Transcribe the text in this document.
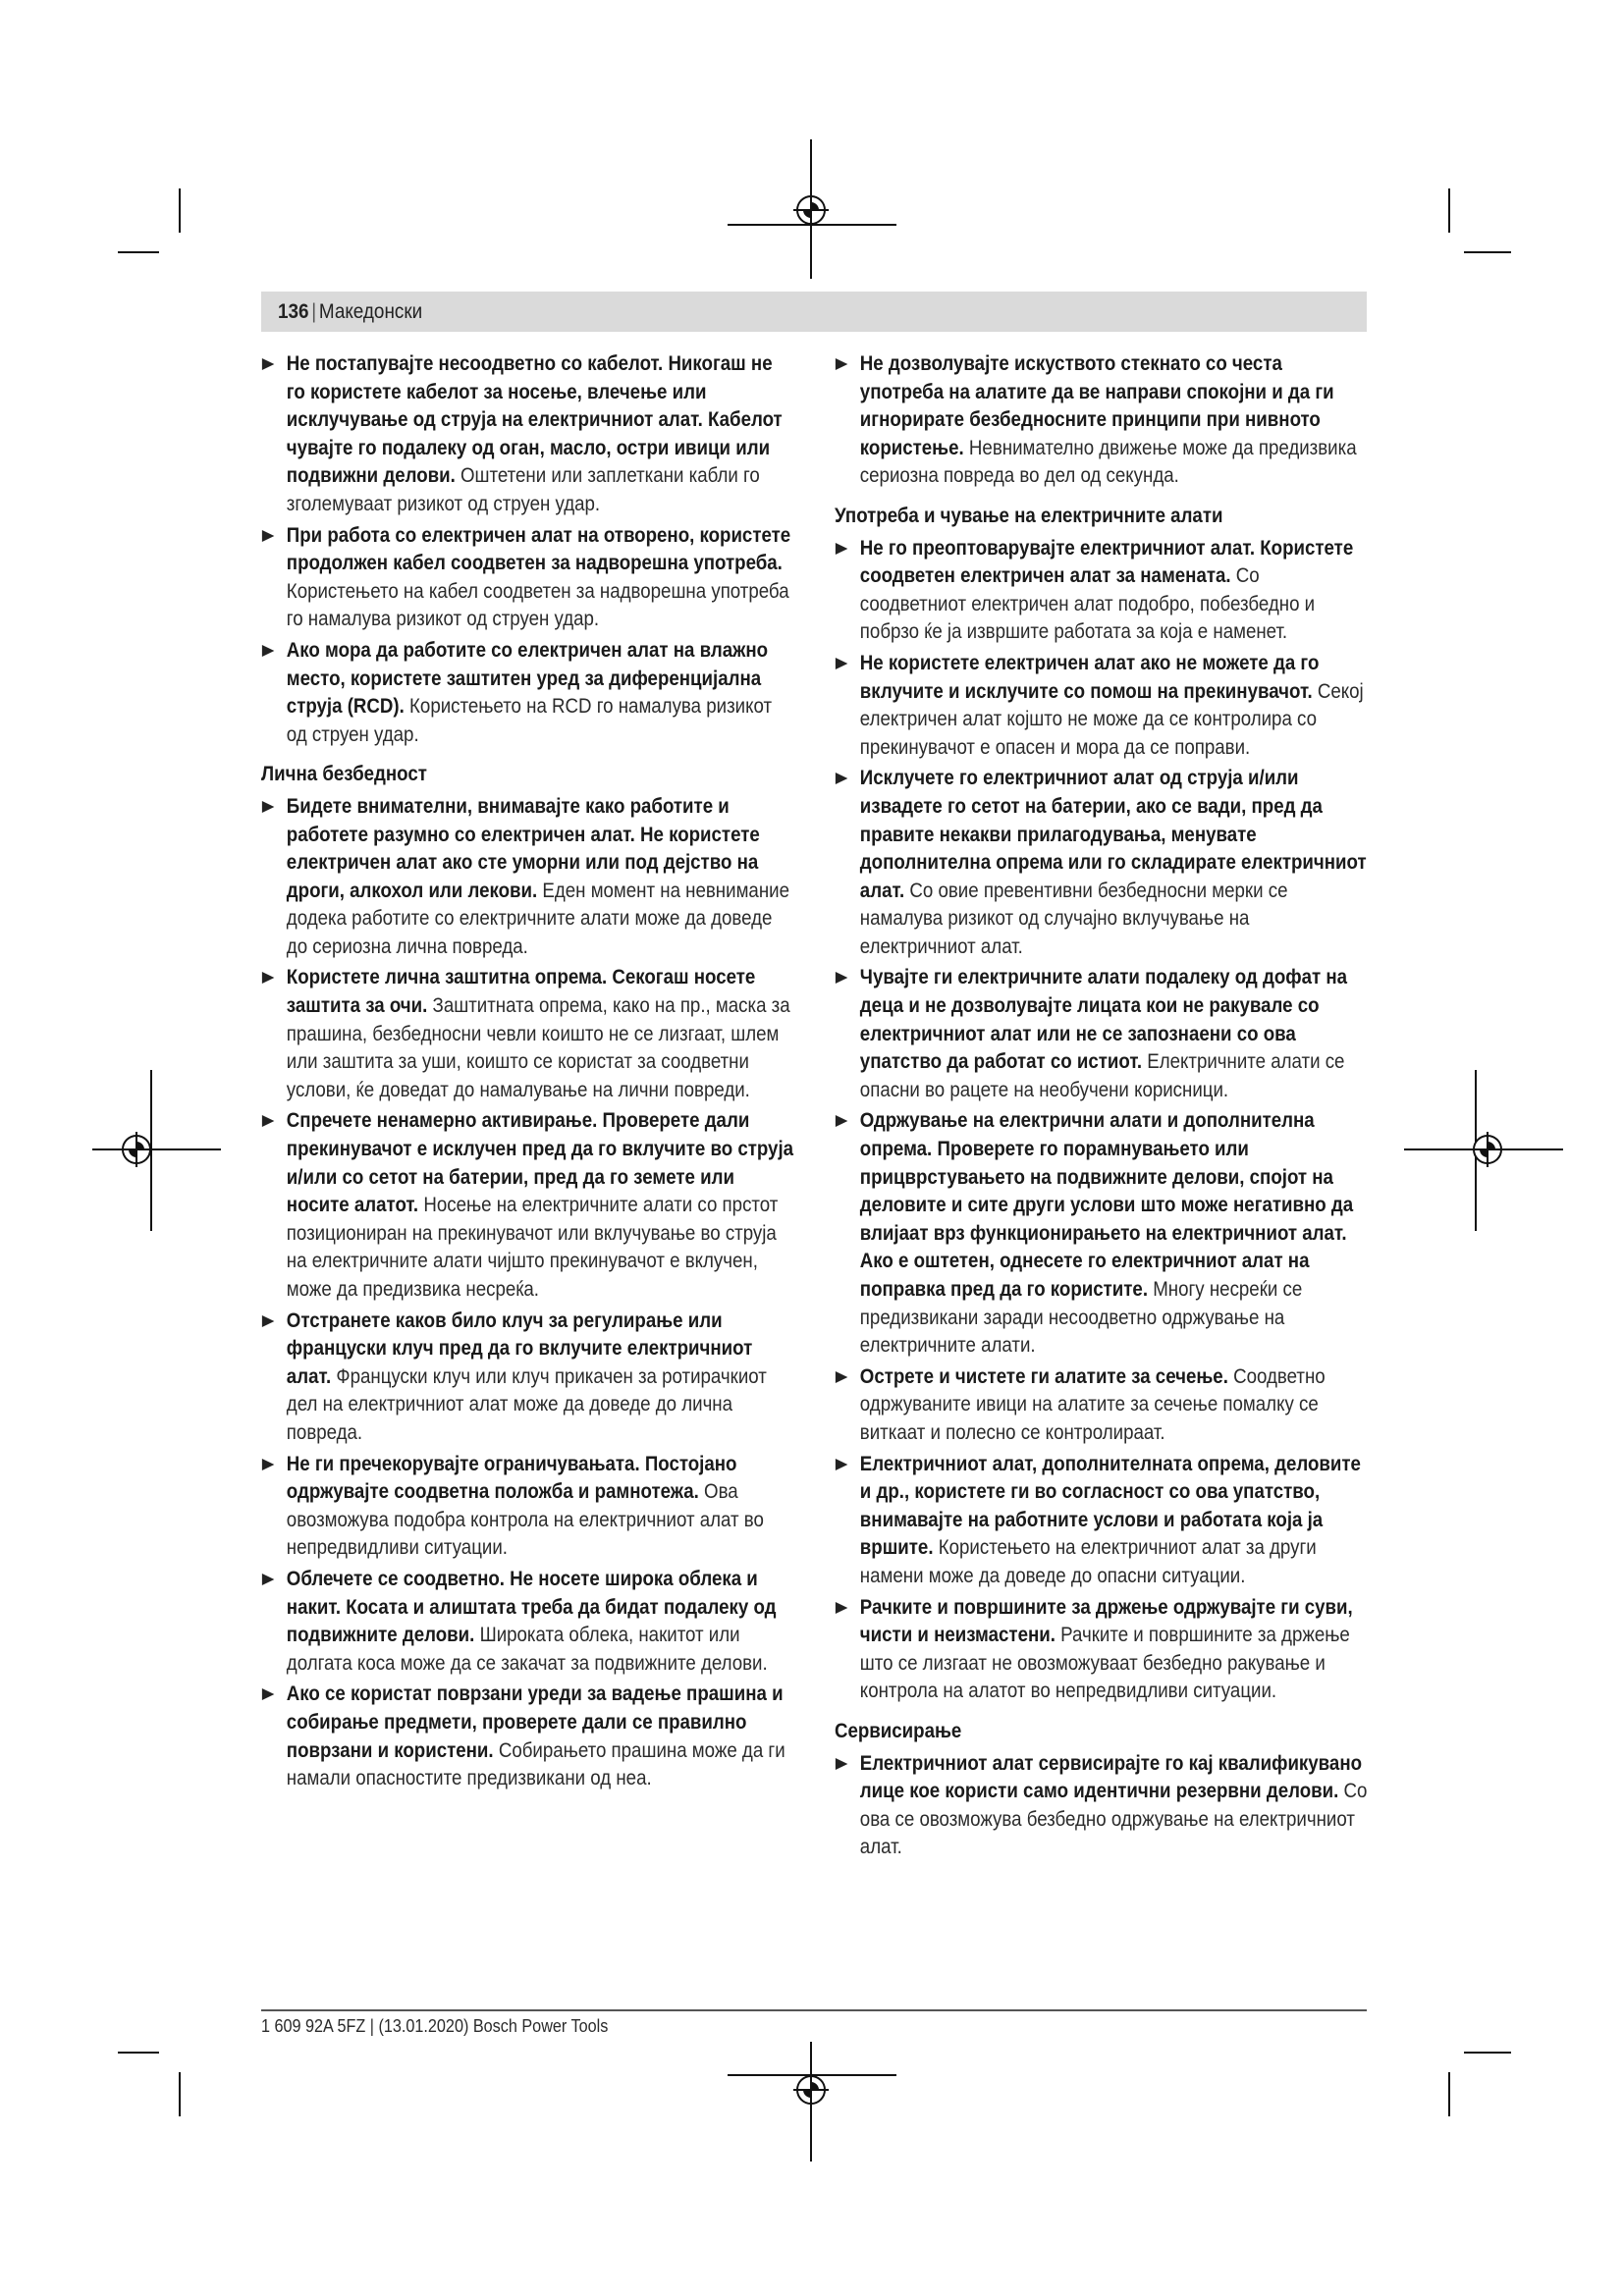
136 | Македонски
Не постапувајте несоодветно со кабелот. Никогаш не го користете кабелот за носење, влечење или исклучување од струја на електричниот алат. Кабелот чувајте го подалеку од оган, масло, остри ивици или подвижни делови. Оштетени или заплеткани кабли го зголемуваат ризикот од струен удар.
При работа со електричен алат на отворено, користете продолжен кабел соодветен за надворешна употреба. Користењето на кабел соодветен за надворешна употреба го намалува ризикот од струен удар.
Ако мора да работите со електричен алат на влажно место, користете заштитен уред за диференцијална струја (RCD). Користењето на RCD го намалува ризикот од струен удар.
Лична безбедност
Бидете внимателни, внимавајте како работите и работете разумно со електричен алат. Не користете електричен алат ако сте уморни или под дејство на дроги, алкохол или лекови. Еден момент на невнимание додека работите со електричните алати може да доведе до сериозна лична повреда.
Користете лична заштитна опрема. Секогаш носете заштита за очи. Заштитната опрема, како на пр., маска за прашина, безбедносни чевли коишто не се лизгаат, шлем или заштита за уши, коишто се користат за соодветни услови, ќе доведат до намалување на лични повреди.
Спречете ненамерно активирање. Проверете дали прекинувачот е исклучен пред да го вклучите во струја и/или со сетот на батерии, пред да го земете или носите алатот. Носење на електричните алати со прстот позициониран на прекинувачот или вклучување во струја на електричните алати чијшто прекинувачот е вклучен, може да предизвика несреќа.
Отстранете каков било клуч за регулирање или француски клуч пред да го вклучите електричниот алат. Француски клуч или клуч прикачен за ротирачкиот дел на електричниот алат може да доведе до лична повреда.
Не ги пречекорувајте ограничувањата. Постојано одржувајте соодветна положба и рамнотежа. Ова овозможува подобра контрола на електричниот алат во непредвидливи ситуации.
Облечете се соодветно. Не носете широка облека и накит. Косата и алиштата треба да бидат подалеку од подвижните делови. Широката облека, накитот или долгата коса може да се закачат за подвижните делови.
Ако се користат поврзани уреди за вадење прашина и собирање предмети, проверете дали се правилно поврзани и користени. Собирањето прашина може да ги намали опасностите предизвикани од неа.
Не дозволувајте искуството стекнато со честа употреба на алатите да ве направи спокојни и да ги игнорирате безбедносните принципи при нивното користење. Невнимателно движење може да предизвика сериозна повреда во дел од секунда.
Употреба и чување на електричните алати
Не го преоптоварувајте електричниот алат. Користете соодветен електричен алат за намената. Со соодветниот електричен алат подобро, побезбедно и побрзо ќе ја извршите работата за која е наменет.
Не користете електричен алат ако не можете да го вклучите и исклучите со помош на прекинувачот. Секој електричен алат којшто не може да се контролира со прекинувачот е опасен и мора да се поправи.
Исклучете го електричниот алат од струја и/или извадете го сетот на батерии, ако се вади, пред да правите некакви прилагодувања, менувате дополнителна опрема или го складирате електричниот алат. Со овие превентивни безбедносни мерки се намалува ризикот од случајно вклучување на електричниот алат.
Чувајте ги електричните алати подалеку од дофат на деца и не дозволувајте лицата кои не ракувале со електричниот алат или не се запознаени со ова упатство да работат со истиот. Електричните алати се опасни во рацете на необучени корисници.
Одржување на електрични алати и дополнителна опрема. Проверете го порамнувањето или прицврстувањето на подвижните делови, спојот на деловите и сите други услови што може негативно да влијаат врз функционирањето на електричниот алат. Ако е оштетен, однесете го електричниот алат на поправка пред да го користите. Многу несреќи се предизвикани заради несоодветно одржување на електричните алати.
Острете и чистете ги алатите за сечење. Соодветно одржуваните ивици на алатите за сечење помалку се виткаат и полесно се контролираат.
Електричниот алат, дополнителната опрема, деловите и др., користете ги во согласност со ова упатство, внимавајте на работните услови и работата која ја вршите. Користењето на електричниот алат за други намени може да доведе до опасни ситуации.
Рачките и површините за држење одржувајте ги суви, чисти и неизмастени. Рачките и површините за држење што се лизгаат не овозможуваат безбедно ракување и контрола на алатот во непредвидливи ситуации.
Сервисирање
Електричниот алат сервисирајте го кај квалификувано лице кое користи само идентични резервни делови. Со ова се овозможува безбедно одржување на електричниот алат.
1 609 92A 5FZ | (13.01.2020) Bosch Power Tools
